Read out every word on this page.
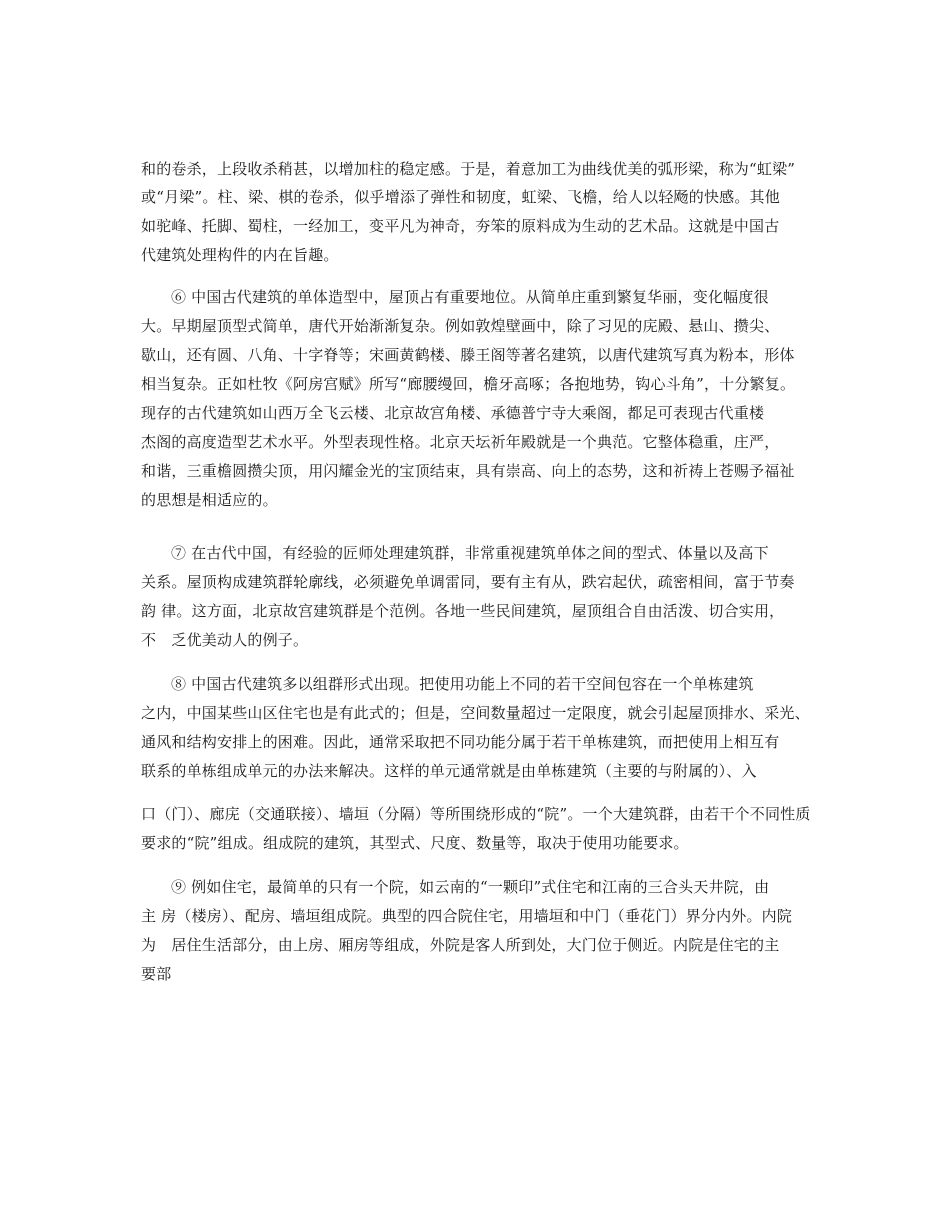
和的卷杀，上段收杀稍甚，以增加柱的稳定感。于是，着意加工为曲线优美的弧形梁，称为“虹梁”
或“月梁”。柱、梁、棋的卷杀，似乎增添了弹性和韧度，虹梁、飞檐，给人以轻飏的快感。其他
如驼峰、托脚、蜀柱，一经加工，变平凡为神奇，夯笨的原料成为生动的艺术品。这就是中国古
代建筑处理构件的内在旨趣。
⑥ 中国古代建筑的单体造型中，屋顶占有重要地位。从简单庄重到繁复华丽，变化幅度很
大。早期屋顶型式简单，唐代开始渐渐复杂。例如敦煌壁画中，除了习见的庑殿、悬山、攒尖、
歇山，还有圆、八角、十字脊等；宋画黄鹤楼、滕王阁等著名建筑，以唐代建筑写真为粉本，形体
相当复杂。正如杜牧《阿房宫赋》所写“廊腰缦回，檐牙高啄；各抱地势，钩心斗角”，十分繁复。
现存的古代建筑如山西万全飞云楼、北京故宫角楼、承德普宁寺大乘阁，都足可表现古代重楼
杰阁的高度造型艺术水平。外型表现性格。北京天坛祈年殿就是一个典范。它整体稳重，庄严，
和谐，三重檐圆攒尖顶，用闪耀金光的宝顶结束，具有崇高、向上的态势，这和祈祷上苍赐予福祉
的思想是相适应的。
⑦ 在古代中国，有经验的匠师处理建筑群，非常重视建筑单体之间的型式、体量以及高下
关系。屋顶构成建筑群轮廓线，必须避免单调雷同，要有主有从，跌宕起伏，疏密相间，富于节奏
韵 律。这方面，北京故宫建筑群是个范例。各地一些民间建筑，屋顶组合自由活泼、切合实用，
不　乏优美动人的例子。
⑧ 中国古代建筑多以组群形式出现。把使用功能上不同的若干空间包容在一个单栋建筑
之内，中国某些山区住宅也是有此式的；但是，空间数量超过一定限度，就会引起屋顶排水、采光、
通风和结构安排上的困难。因此，通常采取把不同功能分属于若干单栋建筑，而把使用上相互有
联系的单栋组成单元的办法来解决。这样的单元通常就是由单栋建筑（主要的与附属的）、入
口（门）、廊庑（交通联接）、墙垣（分隔）等所围绕形成的“院”。一个大建筑群，由若干个不同性质
要求的“院”组成。组成院的建筑，其型式、尺度、数量等，取决于使用功能要求。
⑨ 例如住宅，最简单的只有一个院，如云南的“一颗印”式住宅和江南的三合头天井院，由
主 房（楼房）、配房、墙垣组成院。典型的四合院住宅，用墙垣和中门（垂花门）界分内外。内院
为　居住生活部分，由上房、厢房等组成，外院是客人所到处，大门位于侧近。内院是住宅的主
要部
